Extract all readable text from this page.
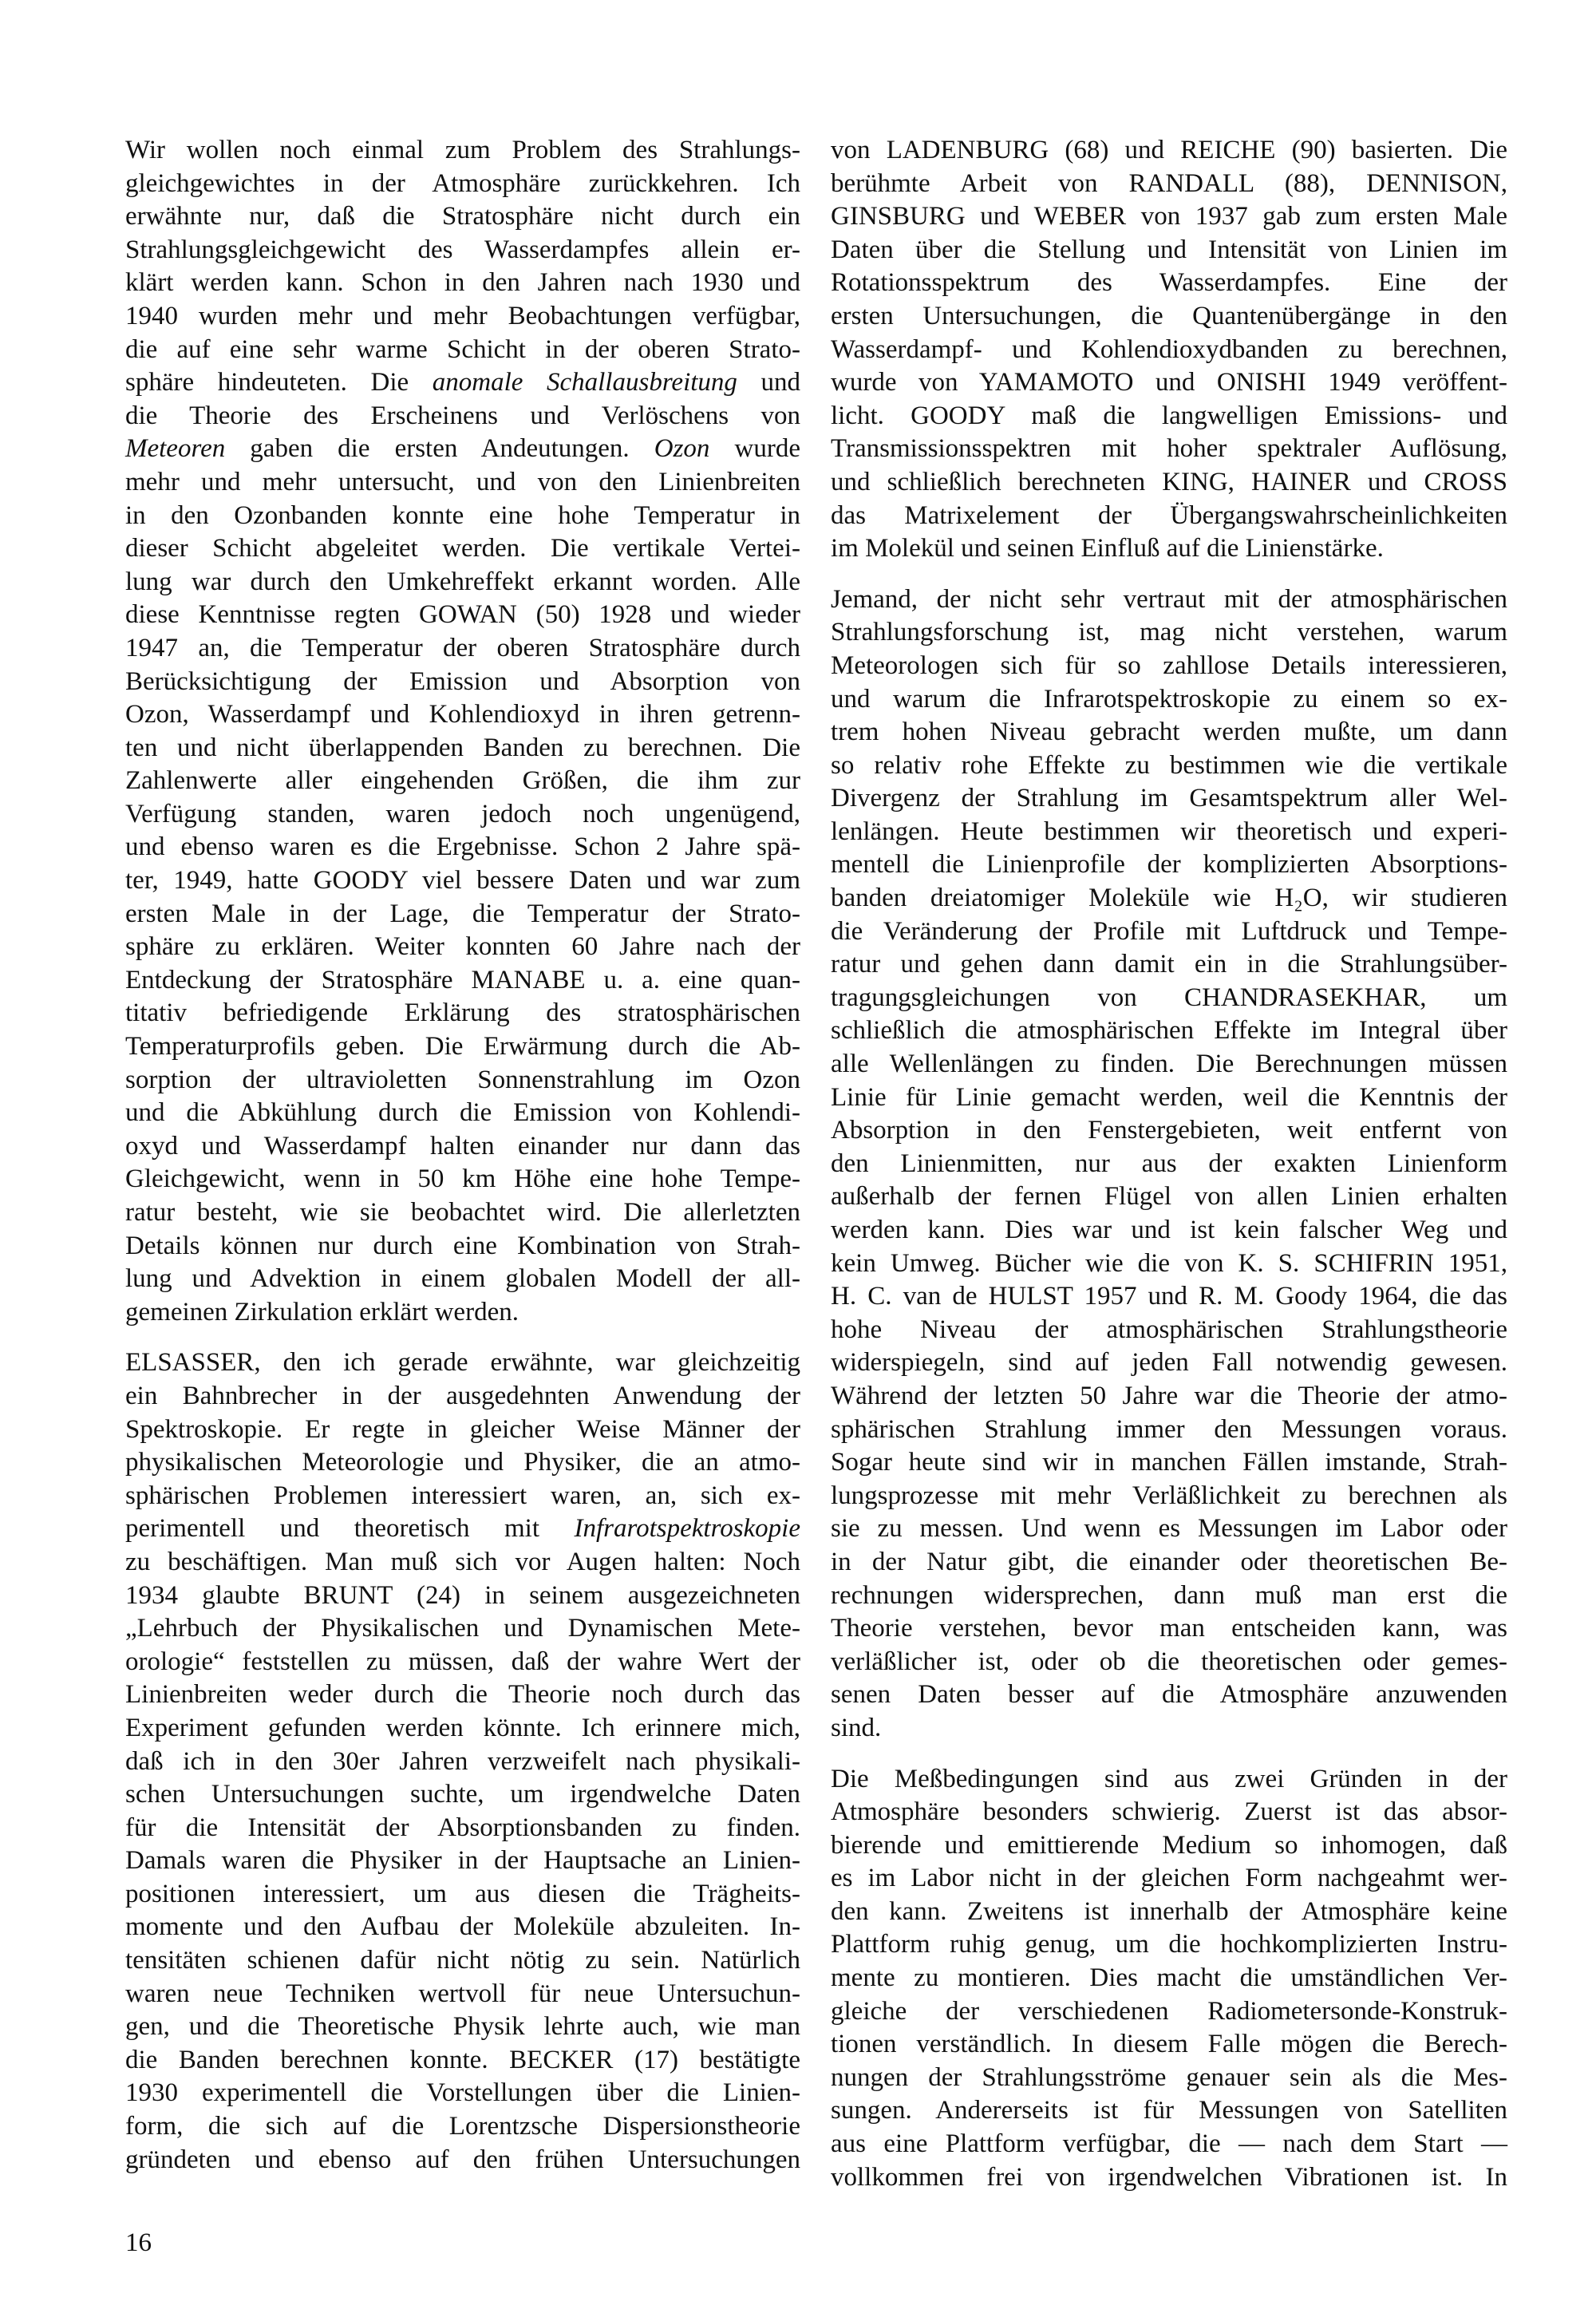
Wir wollen noch einmal zum Problem des Strahlungs-
gleichgewichtes in der Atmosphäre zurückkehren. Ich
erwähnte nur, daß die Stratosphäre nicht durch ein
Strahlungsgleichgewicht des Wasserdampfes allein er-
klärt werden kann. Schon in den Jahren nach 1930 und
1940 wurden mehr und mehr Beobachtungen verfügbar,
die auf eine sehr warme Schicht in der oberen Strato-
sphäre hindeuteten. Die anomale Schallausbreitung und
die Theorie des Erscheinens und Verlöschens von
Meteoren gaben die ersten Andeutungen. Ozon wurde
mehr und mehr untersucht, und von den Linienbreiten
in den Ozonbanden konnte eine hohe Temperatur in
dieser Schicht abgeleitet werden. Die vertikale Vertei-
lung war durch den Umkehreffekt erkannt worden. Alle
diese Kenntnisse regten GOWAN (50) 1928 und wieder
1947 an, die Temperatur der oberen Stratosphäre durch
Berücksichtigung der Emission und Absorption von
Ozon, Wasserdampf und Kohlendioxyd in ihren getrenn-
ten und nicht überlappenden Banden zu berechnen. Die
Zahlenwerte aller eingehenden Größen, die ihm zur
Verfügung standen, waren jedoch noch ungenügend,
und ebenso waren es die Ergebnisse. Schon 2 Jahre spä-
ter, 1949, hatte GOODY viel bessere Daten und war zum
ersten Male in der Lage, die Temperatur der Strato-
sphäre zu erklären. Weiter konnten 60 Jahre nach der
Entdeckung der Stratosphäre MANABE u. a. eine quan-
titativ befriedigende Erklärung des stratosphärischen
Temperaturprofils geben. Die Erwärmung durch die Ab-
sorption der ultravioletten Sonnenstrahlung im Ozon
und die Abkühlung durch die Emission von Kohlendi-
oxyd und Wasserdampf halten einander nur dann das
Gleichgewicht, wenn in 50 km Höhe eine hohe Tempe-
ratur besteht, wie sie beobachtet wird. Die allerletzten
Details können nur durch eine Kombination von Strah-
lung und Advektion in einem globalen Modell der all-
gemeinen Zirkulation erklärt werden.
ELSASSER, den ich gerade erwähnte, war gleichzeitig
ein Bahnbrecher in der ausgedehnten Anwendung der
Spektroskopie. Er regte in gleicher Weise Männer der
physikalischen Meteorologie und Physiker, die an atmo-
sphärischen Problemen interessiert waren, an, sich ex-
perimentell und theoretisch mit Infrarotspektroskopie
zu beschäftigen. Man muß sich vor Augen halten: Noch
1934 glaubte BRUNT (24) in seinem ausgezeichneten
„Lehrbuch der Physikalischen und Dynamischen Mete-
orologie“ feststellen zu müssen, daß der wahre Wert der
Linienbreiten weder durch die Theorie noch durch das
Experiment gefunden werden könnte. Ich erinnere mich,
daß ich in den 30er Jahren verzweifelt nach physikali-
schen Untersuchungen suchte, um irgendwelche Daten
für die Intensität der Absorptionsbanden zu finden.
Damals waren die Physiker in der Hauptsache an Linien-
positionen interessiert, um aus diesen die Trägheits-
momente und den Aufbau der Moleküle abzuleiten. In-
tensitäten schienen dafür nicht nötig zu sein. Natürlich
waren neue Techniken wertvoll für neue Untersuchun-
gen, und die Theoretische Physik lehrte auch, wie man
die Banden berechnen konnte. BECKER (17) bestätigte
1930 experimentell die Vorstellungen über die Linien-
form, die sich auf die Lorentzsche Dispersionstheorie
gründeten und ebenso auf den frühen Untersuchungen
von LADENBURG (68) und REICHE (90) basierten. Die
berühmte Arbeit von RANDALL (88), DENNISON,
GINSBURG und WEBER von 1937 gab zum ersten Male
Daten über die Stellung und Intensität von Linien im
Rotationsspektrum des Wasserdampfes. Eine der
ersten Untersuchungen, die Quantenübergänge in den
Wasserdampf- und Kohlendioxydbanden zu berechnen,
wurde von YAMAMOTO und ONISHI 1949 veröffent-
licht. GOODY maß die langwelligen Emissions- und
Transmissionsspektren mit hoher spektraler Auflösung,
und schließlich berechneten KING, HAINER und CROSS
das Matrixelement der Übergangswahrscheinlichkeiten
im Molekül und seinen Einfluß auf die Linienstärke.
Jemand, der nicht sehr vertraut mit der atmosphärischen
Strahlungsforschung ist, mag nicht verstehen, warum
Meteorologen sich für so zahllose Details interessieren,
und warum die Infrarotspektroskopie zu einem so ex-
trem hohen Niveau gebracht werden mußte, um dann
so relativ rohe Effekte zu bestimmen wie die vertikale
Divergenz der Strahlung im Gesamtspektrum aller Wel-
lenlängen. Heute bestimmen wir theoretisch und experi-
mentell die Linienprofile der komplizierten Absorptions-
banden dreiatomiger Moleküle wie H₂O, wir studieren
die Veränderung der Profile mit Luftdruck und Tempe-
ratur und gehen dann damit ein in die Strahlungsüber-
tragungsgleichungen von CHANDRASEKHAR, um
schließlich die atmosphärischen Effekte im Integral über
alle Wellenlängen zu finden. Die Berechnungen müssen
Linie für Linie gemacht werden, weil die Kenntnis der
Absorption in den Fenstergebieten, weit entfernt von
den Linienmitten, nur aus der exakten Linienform
außerhalb der fernen Flügel von allen Linien erhalten
werden kann. Dies war und ist kein falscher Weg und
kein Umweg. Bücher wie die von K. S. SCHIFRIN 1951,
H. C. van de HULST 1957 und R. M. Goody 1964, die das
hohe Niveau der atmosphärischen Strahlungstheorie
widerspiegeln, sind auf jeden Fall notwendig gewesen.
Während der letzten 50 Jahre war die Theorie der atmo-
sphärischen Strahlung immer den Messungen voraus.
Sogar heute sind wir in manchen Fällen imstande, Strah-
lungsprozesse mit mehr Verläßlichkeit zu berechnen als
sie zu messen. Und wenn es Messungen im Labor oder
in der Natur gibt, die einander oder theoretischen Be-
rechnungen widersprechen, dann muß man erst die
Theorie verstehen, bevor man entscheiden kann, was
verläßlicher ist, oder ob die theoretischen oder gemes-
senen Daten besser auf die Atmosphäre anzuwenden
sind.
Die Meßbedingungen sind aus zwei Gründen in der
Atmosphäre besonders schwierig. Zuerst ist das absor-
bierende und emittierende Medium so inhomogen, daß
es im Labor nicht in der gleichen Form nachgeahmt wer-
den kann. Zweitens ist innerhalb der Atmosphäre keine
Plattform ruhig genug, um die hochkomplizierten Instru-
mente zu montieren. Dies macht die umständlichen Ver-
gleiche der verschiedenen Radiometersonde-Konstruk-
tionen verständlich. In diesem Falle mögen die Berech-
nungen der Strahlungsströme genauer sein als die Mes-
sungen. Andererseits ist für Messungen von Satelliten
aus eine Plattform verfügbar, die — nach dem Start —
vollkommen frei von irgendwelchen Vibrationen ist. In
16
